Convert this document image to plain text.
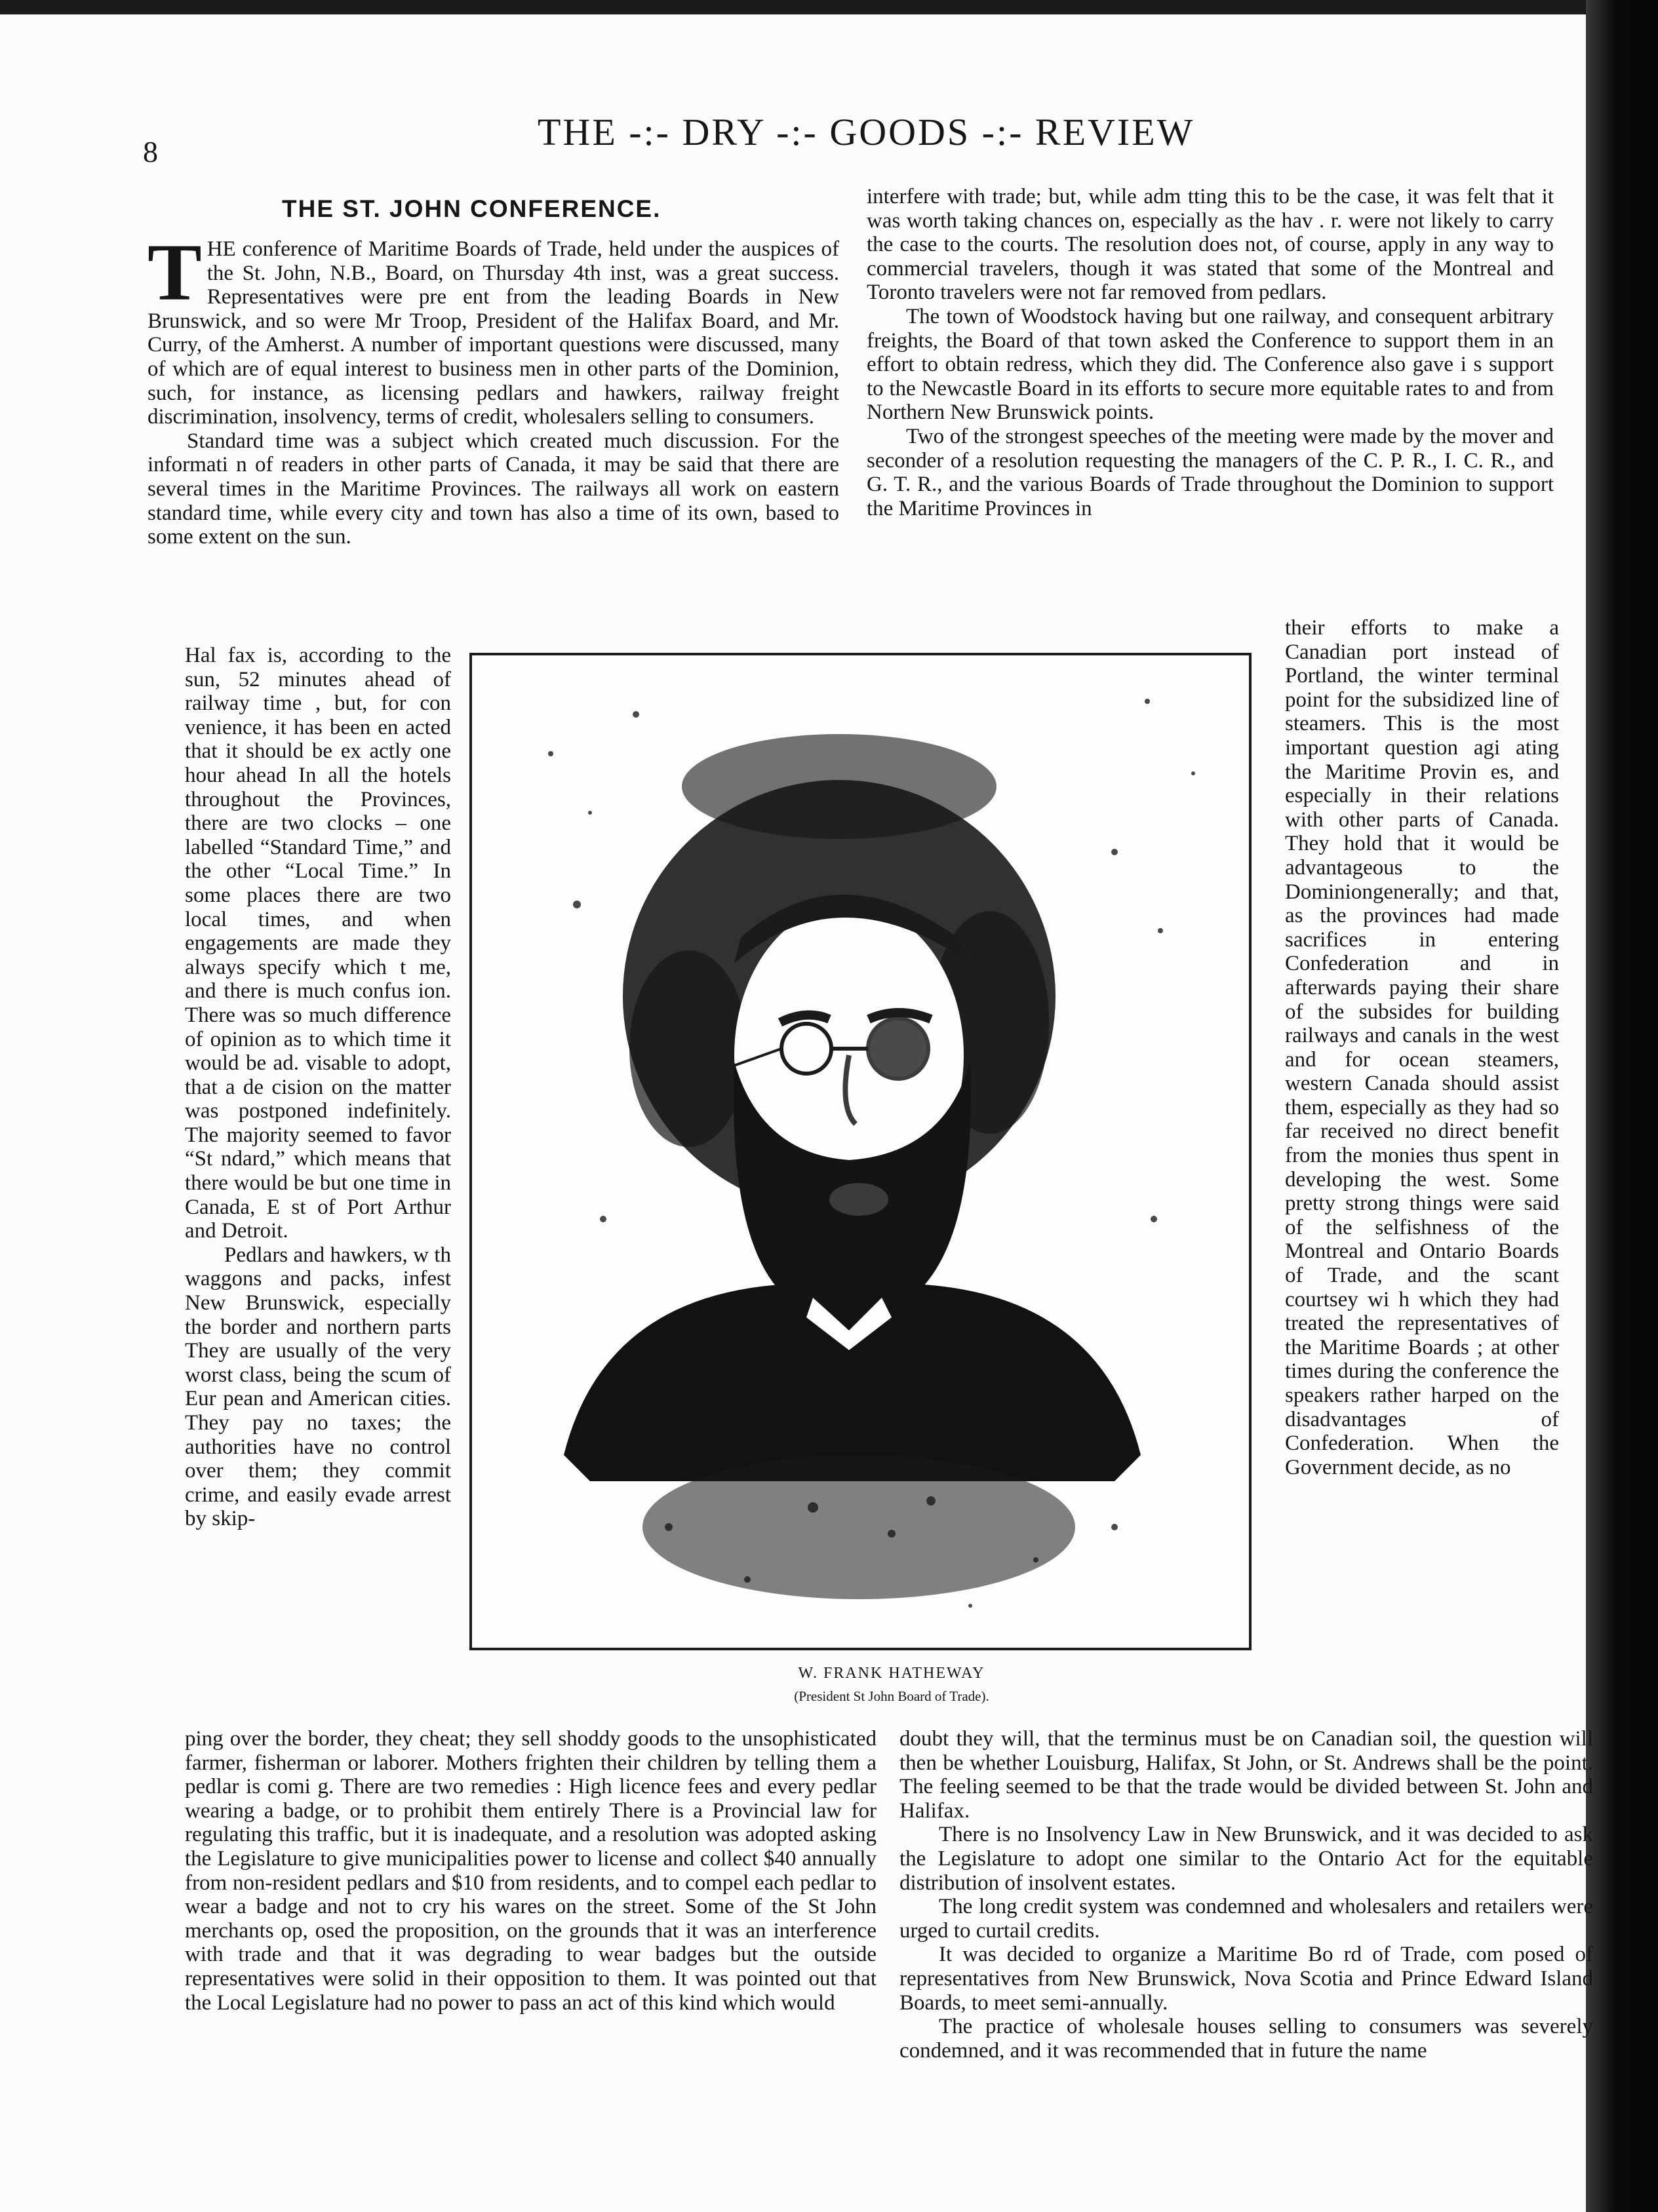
8	THE -:- DRY -:- GOODS -:- REVIEW
THE ST. JOHN CONFERENCE.

THE conference of Maritime Boards of Trade, held under the auspices of the St. John, N.B., Board, on Thursday 4th inst, was a great success. Representatives were pre ent from the leading Boards in New Brunswick, and so were Mr Troop, President of the Halifax Board, and Mr. Curry, of the Amherst. A number of important questions were discussed, many of which are of equal interest to business men in other parts of the Dominion, such, for instance, as licensing pedlars and hawkers, railway freight discrimination, insolvency, terms of credit, wholesalers selling to consumers.

Standard time was a subject which created much discussion. For the informati n of readers in other parts of Canada, it may be said that there are several times in the Maritime Provinces. The railways all work on eastern standard time, while every city and town has also a time of its own, based to some extent on the sun.

Hal fax is, according to the sun, 52 minutes ahead of railway time , but, for con venience, it has been en acted that it should be ex actly one hour ahead In all the hotels throughout the Provinces, there are two clocks – one labelled “Standard Time,” and the other “Local Time.” In some places there are two local times, and when engagements are made they always specify which t me, and there is much confus ion. There was so much difference of opinion as to which time it would be ad. visable to adopt, that a de cision on the matter was postponed indefinitely. The majority seemed to favor “St ndard,” which means that there would be but one time in Canada, E st of Port Arthur and Detroit.

Pedlars and hawkers, w th waggons and packs, infest New Brunswick, especially the border and northern parts They are usually of the very worst class, being the scum of Eur pean and American cities. They pay no taxes; the authorities have no control over them; they commit crime, and easily evade arrest by skip-

ping over the border, they cheat; they sell shoddy goods to the unsophisticated farmer, fisherman or laborer. Mothers frighten their children by telling them a pedlar is comi g. There are two remedies : High licence fees and every pedlar wearing a badge, or to prohibit them entirely There is a Provincial law for regulating this traffic, but it is inadequate, and a resolution was adopted asking the Legislature to give municipalities power to license and collect $40 annually from non-resident pedlars and $10 from residents, and to compel each pedlar to wear a badge and not to cry his wares on the street. Some of the St John merchants op, osed the proposition, on the grounds that it was an interference with trade and that it was degrading to wear badges but the outside representatives were solid in their opposition to them. It was pointed out that the Local Legislature had no power to pass an act of this kind which would

interfere with trade; but, while adm tting this to be the case, it was felt that it was worth taking chances on, especially as the hav . r. were not likely to carry the case to the courts. The resolution does not, of course, apply in any way to commercial travelers, though it was stated that some of the Montreal and Toronto travelers were not far removed from pedlars.

The town of Woodstock having but one railway, and consequent arbitrary freights, the Board of that town asked the Conference to support them in an effort to obtain redress, which they did. The Conference also gave i s support to the Newcastle Board in its efforts to secure more equitable rates to and from Northern New Brunswick points.

Two of the strongest speeches of the meeting were made by the mover and seconder of a resolution requesting the managers of the C. P. R., I. C. R., and G. T. R., and the various Boards of Trade throughout the Dominion to support the Maritime Provinces in

their efforts to make a Canadian port instead of Portland, the winter terminal point for the subsidized line of steamers. This is the most important question agi ating the Maritime Provin es, and especially in their relations with other parts of Canada. They hold that it would be advantageous to the Dominiongenerally; and that, as the provinces had made sacrifices in entering Confederation and in afterwards paying their share of the subsides for building railways and canals in the west and for ocean steamers, western Canada should assist them, especially as they had so far received no direct benefit from the monies thus spent in developing the west. Some pretty strong things were said of the selfishness of the Montreal and Ontario Boards of Trade, and the scant courtsey wi h which they had treated the representatives of the Maritime Boards ; at other times during the conference the speakers rather harped on the disadvantages of Confederation. When the Government decide, as no

doubt they will, that the terminus must be on Canadian soil, the question will then be whether Louisburg, Halifax, St John, or St. Andrews shall be the point. The feeling seemed to be that the trade would be divided between St. John and Halifax.

There is no Insolvency Law in New Brunswick, and it was decided to ask the Legislature to adopt one similar to the Ontario Act for the equitable distribution of insolvent estates.

The long credit system was condemned and wholesalers and retailers were urged to curtail credits.

It was decided to organize a Maritime Bo rd of Trade, com posed of representatives from New Brunswick, Nova Scotia and Prince Edward Island Boards, to meet semi-annually.

The practice of wholesale houses selling to consumers was severely condemned, and it was recommended that in future the name

W. FRANK HATHEWAY
(President St John Board of Trade).
